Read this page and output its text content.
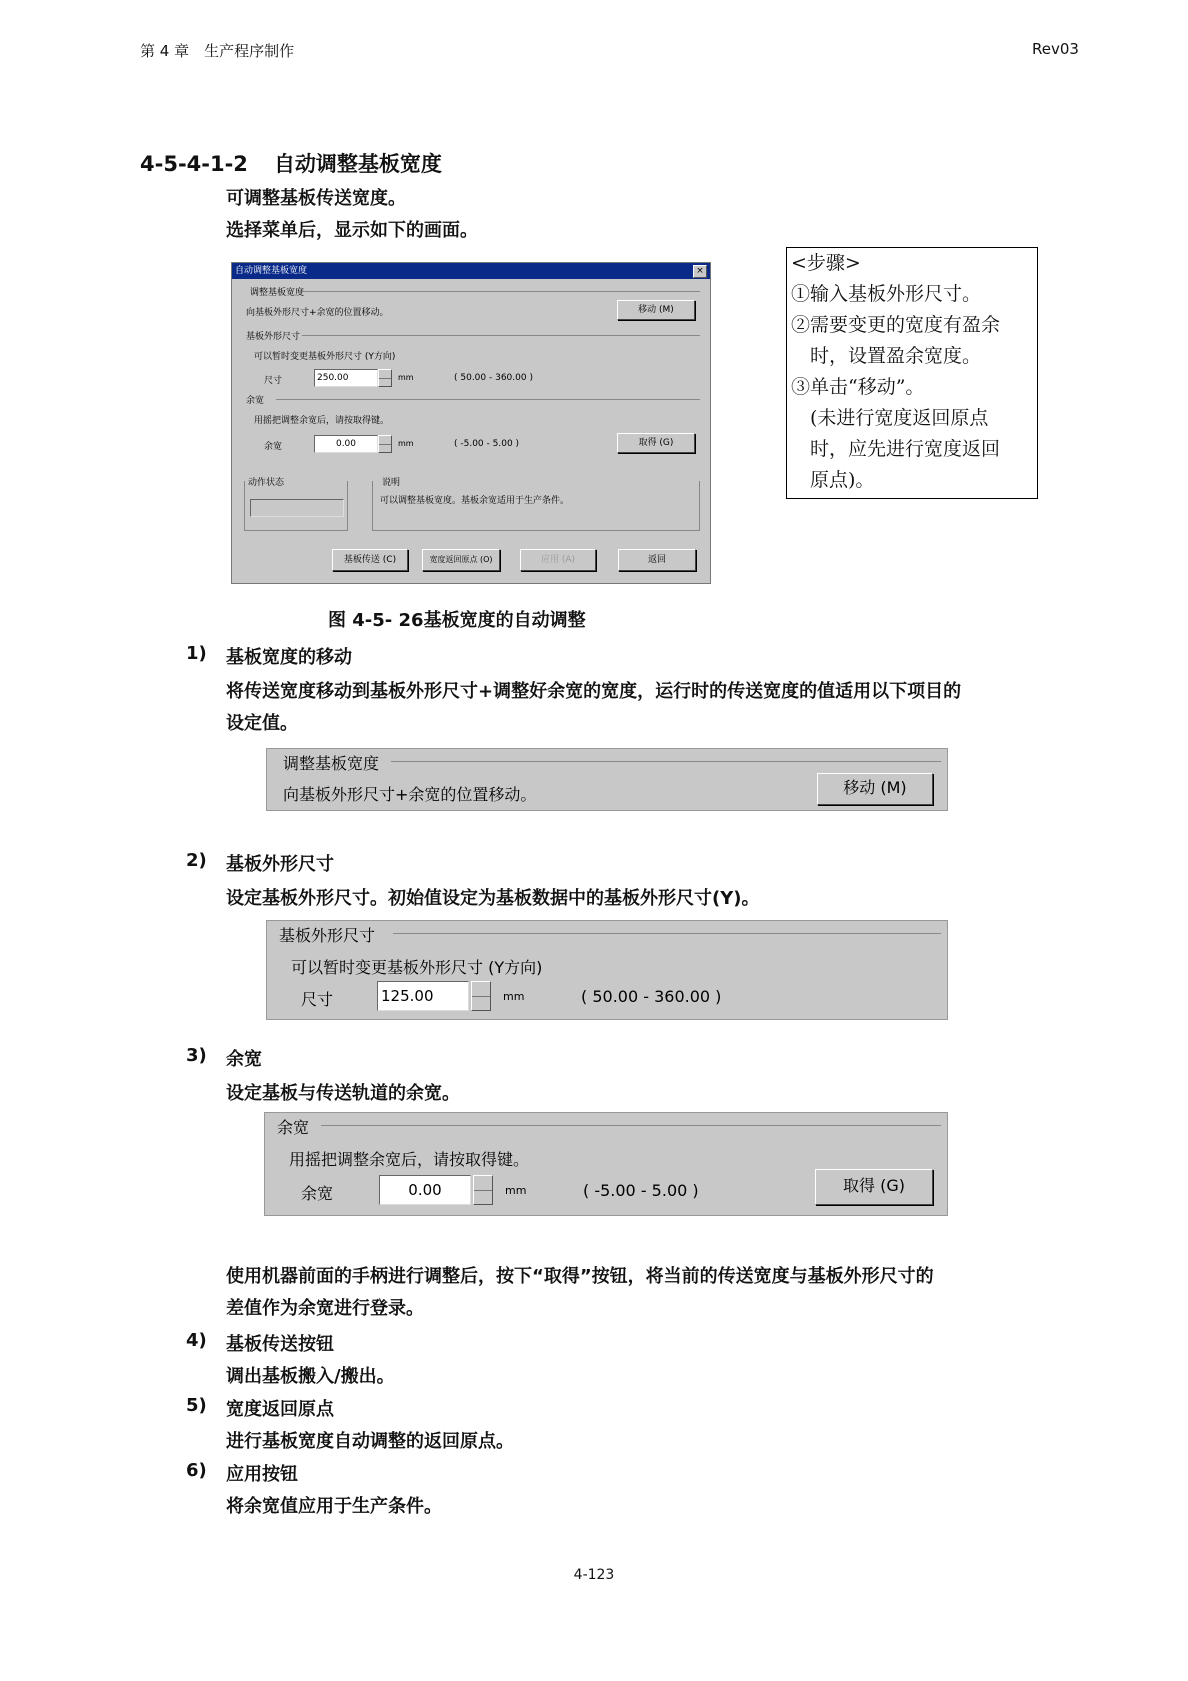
第 4 章　生产程序制作	Rev03
4-5-4-1-2 自动调整基板宽度
可调整基板传送宽度。
选择菜单后，显示如下的画面。
自动调整基板宽度	×
调整基板宽度
向基板外形尺寸+余宽的位置移动。	移动 (M)
基板外形尺寸
可以暂时变更基板外形尺寸 (Y方向)
尺寸	250.00	mm	( 50.00 - 360.00 )
余宽
用摇把调整余宽后，请按取得键。
余宽	0.00	mm	( -5.00 - 5.00 )	取得 (G)
动作状态	说明
可以调整基板宽度。基板余宽适用于生产条件。
基板传送 (C)	宽度返回原点 (O)	应用 (A)	返回
<步骤>
①输入基板外形尺寸。
②需要变更的宽度有盈余
　时，设置盈余宽度。
③单击“移动”。
　(未进行宽度返回原点
　时，应先进行宽度返回
　原点)。
图 4-5- 26基板宽度的自动调整
1) 基板宽度的移动
将传送宽度移动到基板外形尺寸+调整好余宽的宽度，运行时的传送宽度的值适用以下项目的
设定值。
调整基板宽度
向基板外形尺寸+余宽的位置移动。	移动 (M)
2) 基板外形尺寸
设定基板外形尺寸。初始值设定为基板数据中的基板外形尺寸(Y)。
基板外形尺寸
可以暂时变更基板外形尺寸 (Y方向)
尺寸	125.00	mm	( 50.00 - 360.00 )
3) 余宽
设定基板与传送轨道的余宽。
余宽
用摇把调整余宽后，请按取得键。
余宽	0.00	mm	( -5.00 - 5.00 )	取得 (G)
使用机器前面的手柄进行调整后，按下“取得”按钮，将当前的传送宽度与基板外形尺寸的
差值作为余宽进行登录。
4) 基板传送按钮
调出基板搬入/搬出。
5) 宽度返回原点
进行基板宽度自动调整的返回原点。
6) 应用按钮
将余宽值应用于生产条件。
4-123
